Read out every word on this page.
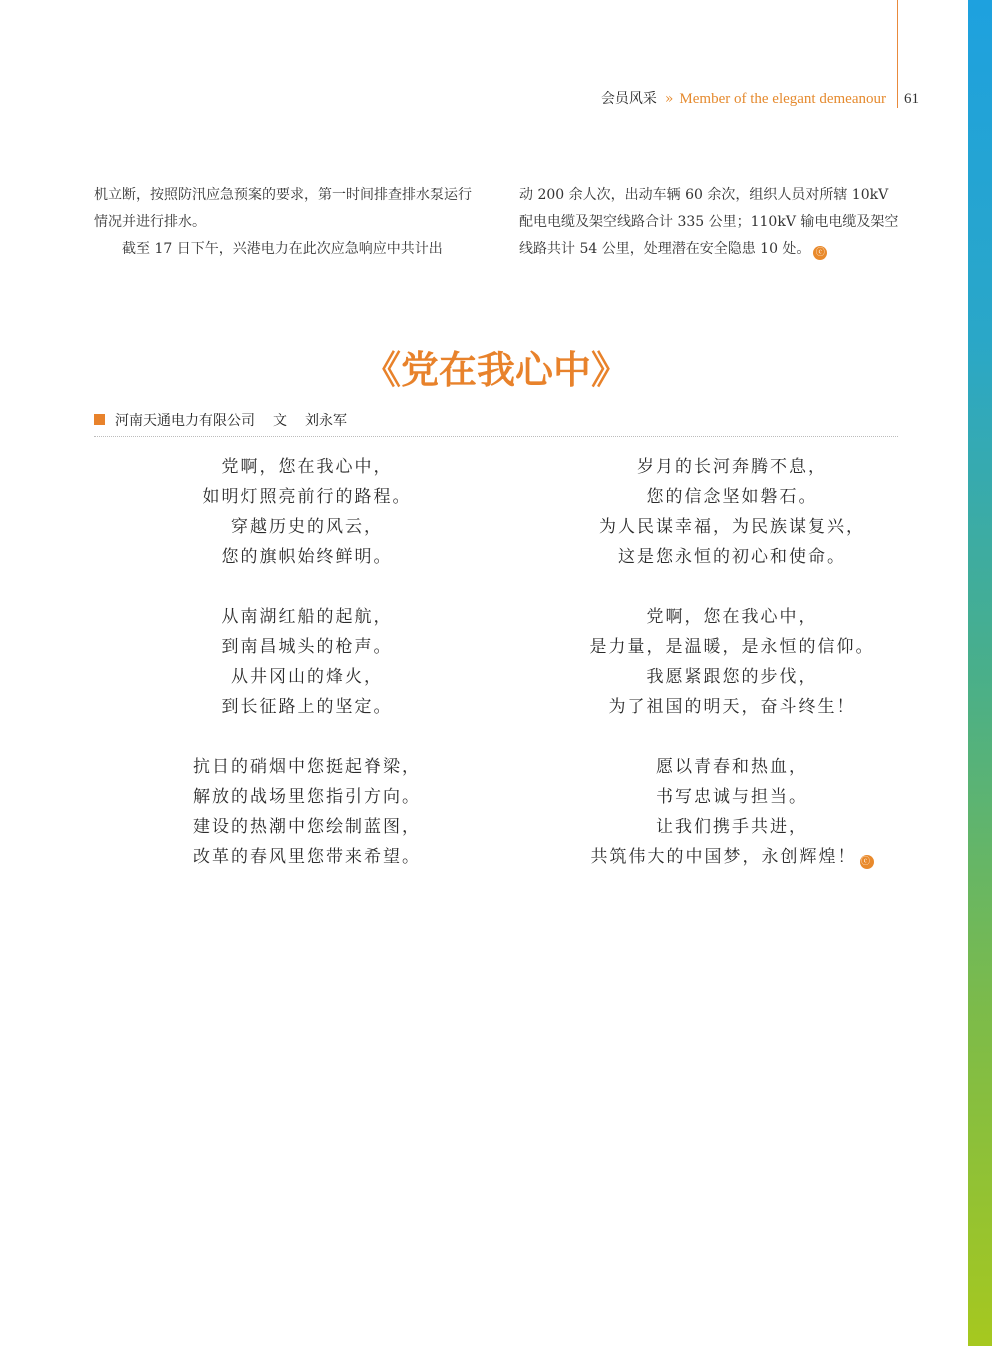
会员风采 » Member of the elegant demeanour 61

机立断，按照防汛应急预案的要求，第一时间排查排水泵运行情况并进行排水。

截至 17 日下午，兴港电力在此次应急响应中共计出

动 200 余人次，出动车辆 60 余次，组织人员对所辖 10kV 配电电缆及架空线路合计 335 公里；110kV 输电电缆及架空线路共计 54 公里，处理潜在安全隐患 10 处。 ⓒ

《党在我心中》
河南天通电力有限公司 文 刘永军
党啊，您在我心中，
如明灯照亮前行的路程。
穿越历史的风云，
您的旗帜始终鲜明。
从南湖红船的起航，
到南昌城头的枪声。
从井冈山的烽火，
到长征路上的坚定。
抗日的硝烟中您挺起脊梁，
解放的战场里您指引方向。
建设的热潮中您绘制蓝图，
改革的春风里您带来希望。
岁月的长河奔腾不息，
您的信念坚如磐石。
为人民谋幸福，为民族谋复兴，
这是您永恒的初心和使命。
党啊，您在我心中，
是力量，是温暖，是永恒的信仰。
我愿紧跟您的步伐，
为了祖国的明天，奋斗终生！
愿以青春和热血，
书写忠诚与担当。
让我们携手共进，
共筑伟大的中国梦，永创辉煌！ ⓒ
